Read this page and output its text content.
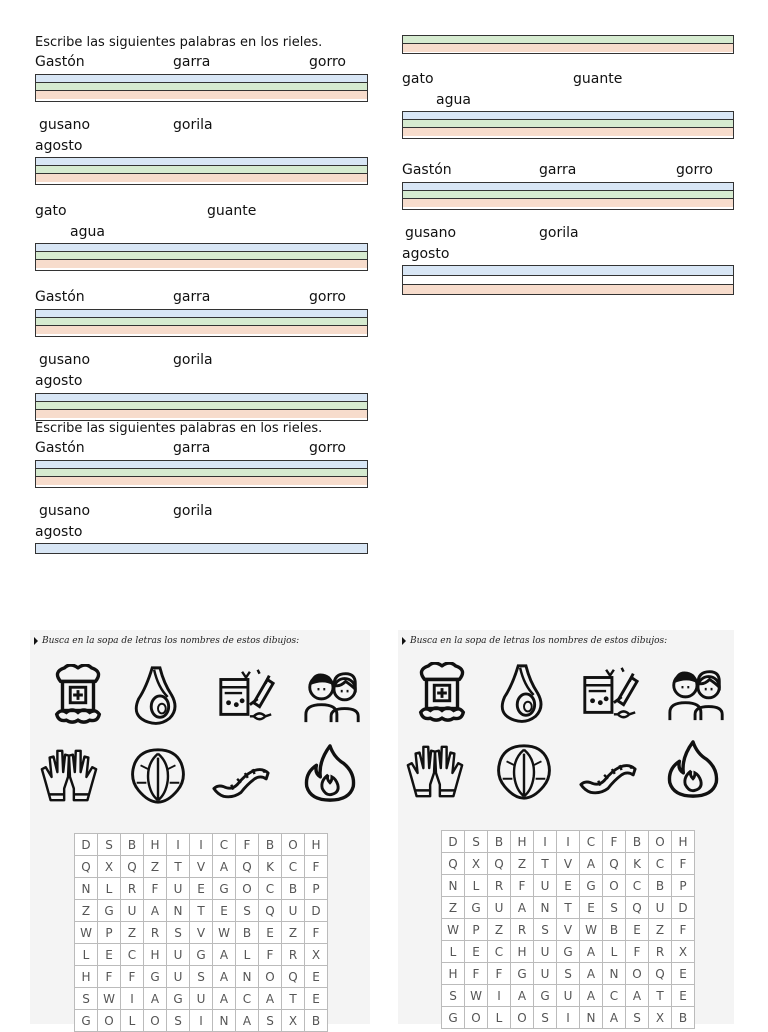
Escribe las siguientes palabras en los rieles.
Gastón	garra	gorro
gusano	gorila
agosto
gato	guante
agua
Gastón	garra	gorro
gusano	gorila
agosto
Escribe las siguientes palabras en los rieles.
Gastón	garra	gorro
gusano	gorila
agosto
gato	guante
agua
Gastón	garra	gorro
gusano	gorila
agosto
Busca en la sopa de letras los nombres de estos dibujos:
D	S	B	H	I	I	C	F	B	O	H
Q	X	Q	Z	T	V	A	Q	K	C	F
N	L	R	F	U	E	G	O	C	B	P
Z	G	U	A	N	T	E	S	Q	U	D
W	P	Z	R	S	V	W	B	E	Z	F
L	E	C	H	U	G	A	L	F	R	X
H	F	F	G	U	S	A	N	O	Q	E
S	W	I	A	G	U	A	C	A	T	E
G	O	L	O	S	I	N	A	S	X	B
Busca en la sopa de letras los nombres de estos dibujos:
D	S	B	H	I	I	C	F	B	O	H
Q	X	Q	Z	T	V	A	Q	K	C	F
N	L	R	F	U	E	G	O	C	B	P
Z	G	U	A	N	T	E	S	Q	U	D
W	P	Z	R	S	V	W	B	E	Z	F
L	E	C	H	U	G	A	L	F	R	X
H	F	F	G	U	S	A	N	O	Q	E
S	W	I	A	G	U	A	C	A	T	E
G	O	L	O	S	I	N	A	S	X	B
